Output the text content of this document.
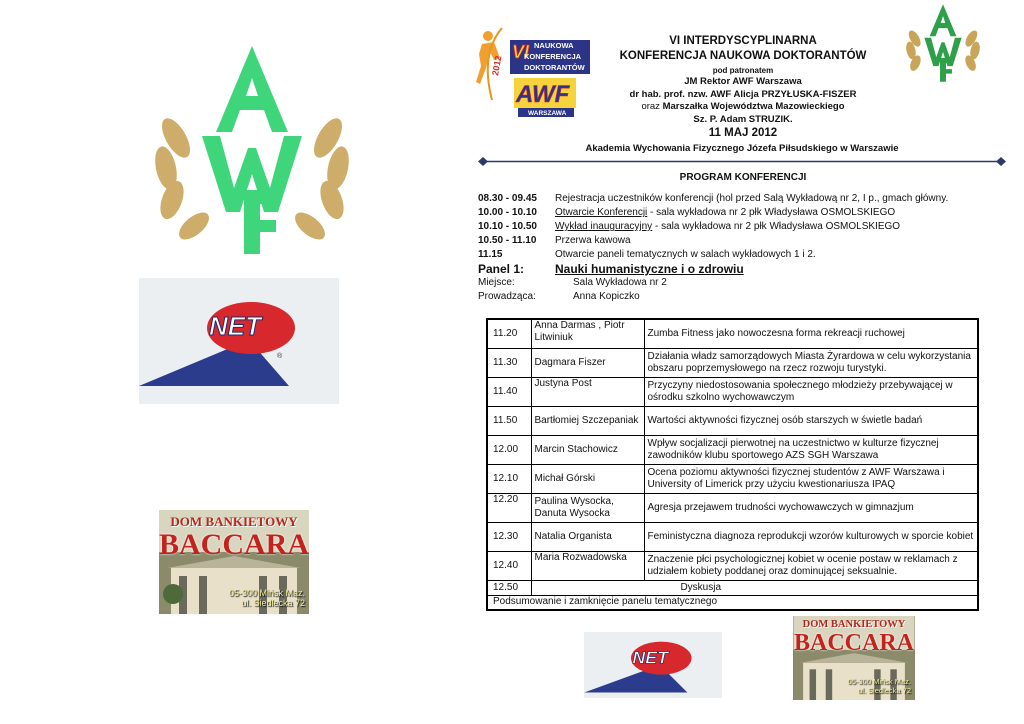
NET EX
®
DOM BANKIETOWY
BACCARA
05-300 Mińsk Maz.
ul. Siedlecka 72
2012
VI NAUKOWA
KONFERENCJA
DOKTORANTÓW
AWF
WARSZAWA
VI INTERDYSCYPLINARNA
KONFERENCJA NAUKOWA DOKTORANTÓW
pod patronatem
JM Rektor AWF Warszawa
dr hab. prof. nzw. AWF Alicja PRZYŁUSKA-FISZER
oraz Marszałka Województwa Mazowieckiego
Sz. P. Adam STRUZIK.
11 MAJ 2012
Akademia Wychowania Fizycznego Józefa Piłsudskiego w Warszawie
PROGRAM KONFERENCJI
08.30 - 09.45 Rejestracja uczestników konferencji (hol przed Salą Wykładową nr 2, I p., gmach główny.
10.00 - 10.10 Otwarcie Konferencji - sala wykładowa nr 2 płk Władysława OSMOLSKIEGO
10.10 - 10.50 Wykład inauguracyjny - sala wykładowa nr 2 płk Władysława OSMOLSKIEGO
10.50 - 11.10 Przerwa kawowa
11.15	Otwarcie paneli tematycznych w salach wykładowych 1 i 2.
Panel 1:	Nauki humanistyczne i o zdrowiu
Miejsce:	Sala Wykładowa nr 2
Prowadząca:	Anna Kopiczko
11.20	Anna Darmas , Piotr Litwiniuk	Zumba Fitness jako nowoczesna forma rekreacji ruchowej
11.30	Dagmara Fiszer	Działania władz samorządowych Miasta Żyrardowa w celu wykorzystania obszaru poprzemysłowego na rzecz rozwoju turystyki.
11.40	Justyna Post	Przyczyny niedostosowania społecznego młodzieży przebywającej w ośrodku szkolno wychowawczym
11.50	Bartłomiej Szczepaniak	Wartości aktywności fizycznej osób starszych w świetle badań
12.00	Marcin Stachowicz	Wpływ socjalizacji pierwotnej na uczestnictwo w kulturze fizycznej zawodników klubu sportowego AZS SGH Warszawa
12.10	Michał Górski	Ocena poziomu aktywności fizycznej studentów z AWF Warszawa i University of Limerick przy użyciu kwestionariusza IPAQ
12.20	Paulina Wysocka, Danuta Wysocka	Agresja przejawem trudności wychowawczych w gimnazjum
12.30	Natalia Organista	Feministyczna diagnoza reprodukcji wzorów kulturowych w sporcie kobiet
12.40	Maria Rozwadowska	Znaczenie płci psychologicznej kobiet w ocenie postaw w reklamach z udziałem kobiety poddanej oraz dominującej seksualnie.
12.50	Dyskusja	
Podsumowanie i zamknięcie panelu tematycznego		
NET EX
DOM BANKIETOWY
BACCARA
05-300 Mińsk Maz.
ul. Siedlecka 72
